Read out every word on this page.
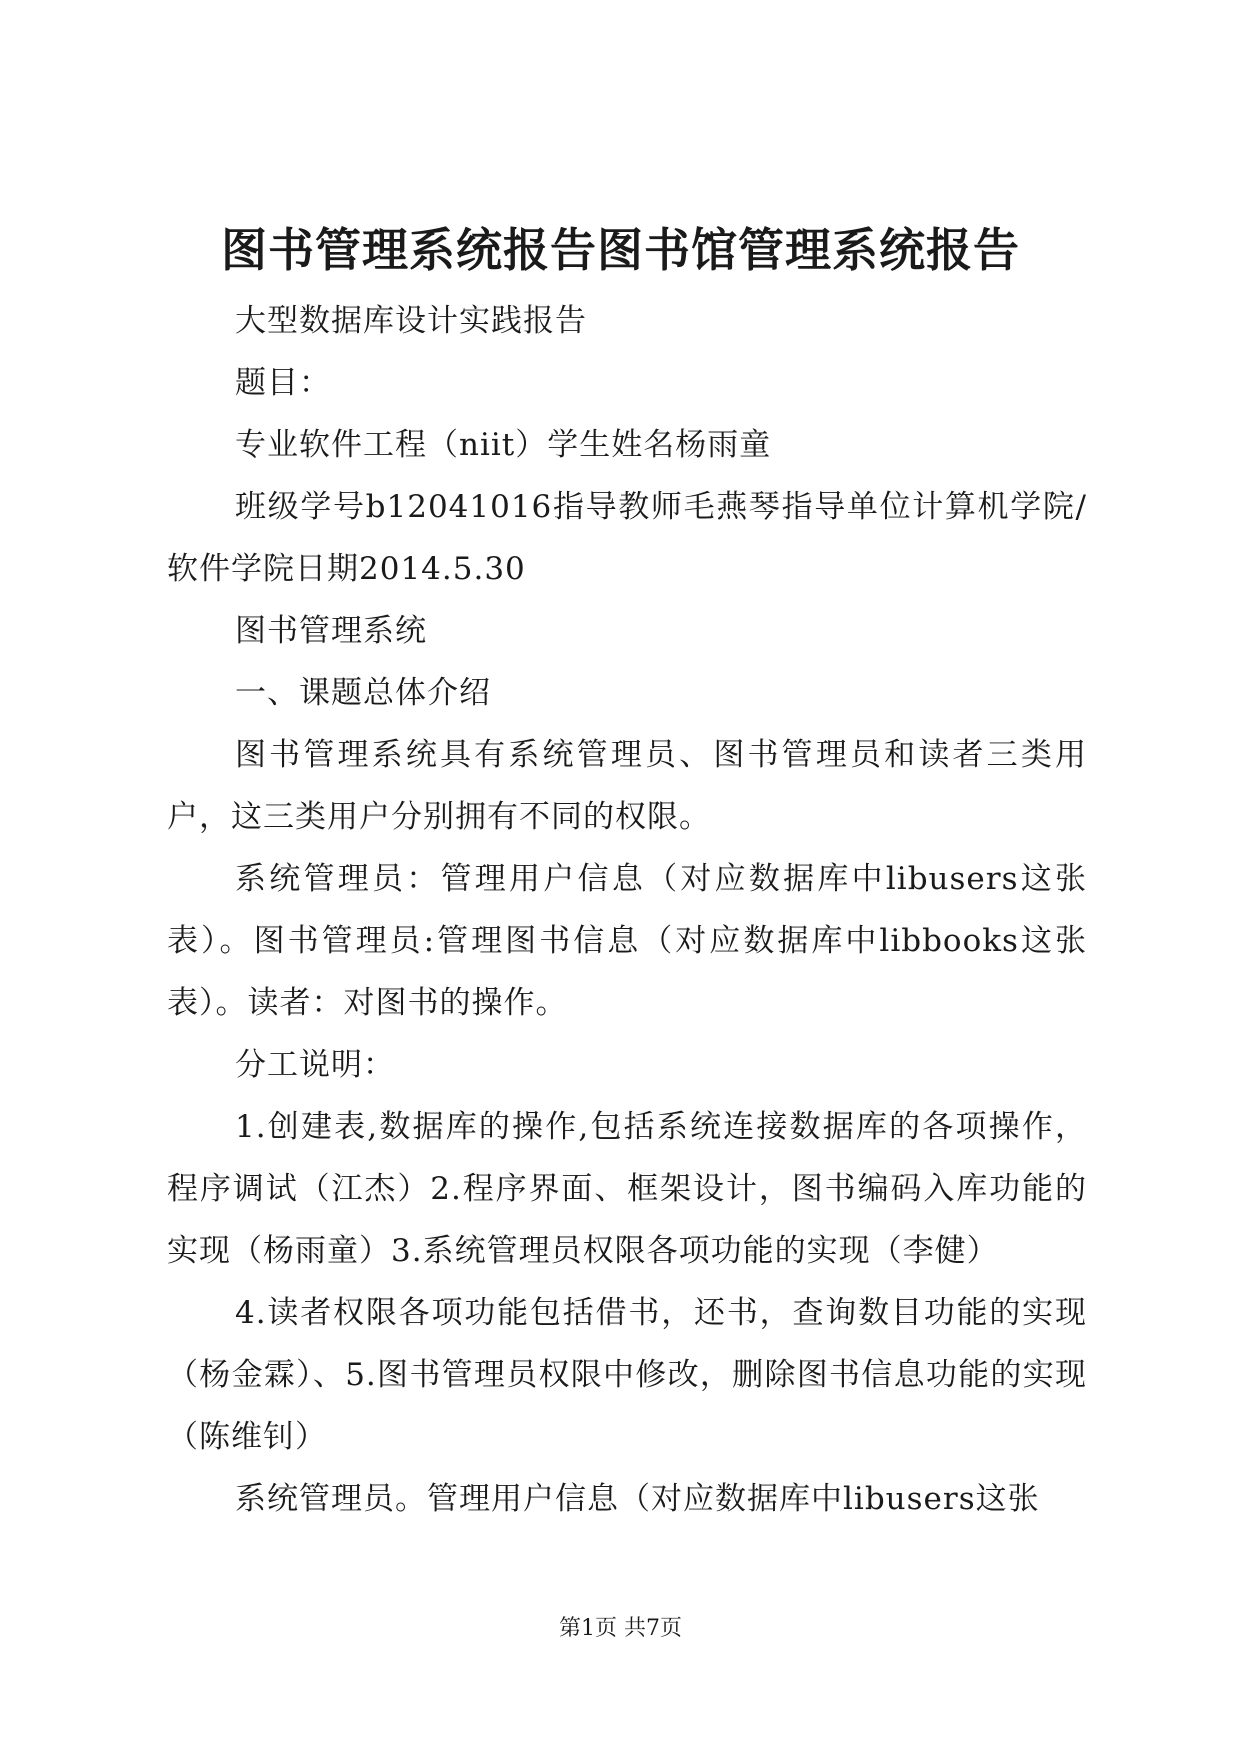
图书管理系统报告图书馆管理系统报告

大型数据库设计实践报告

题目：

专业软件工程（niit）学生姓名杨雨童

班级学号b12041016指导教师毛燕琴指导单位计算机学院/软件学院日期2014.5.30

图书管理系统

一、课题总体介绍

图书管理系统具有系统管理员、图书管理员和读者三类用户，这三类用户分别拥有不同的权限。

系统管理员：管理用户信息（对应数据库中libusers这张表）。图书管理员:管理图书信息（对应数据库中libbooks这张表）。读者：对图书的操作。

分工说明：

1.创建表,数据库的操作,包括系统连接数据库的各项操作，程序调试（江杰）2.程序界面、框架设计，图书编码入库功能的实现（杨雨童）3.系统管理员权限各项功能的实现（李健）

4.读者权限各项功能包括借书，还书，查询数目功能的实现（杨金霖）、5.图书管理员权限中修改，删除图书信息功能的实现（陈维钊）

系统管理员。管理用户信息（对应数据库中libusers这张

第1页 共7页
